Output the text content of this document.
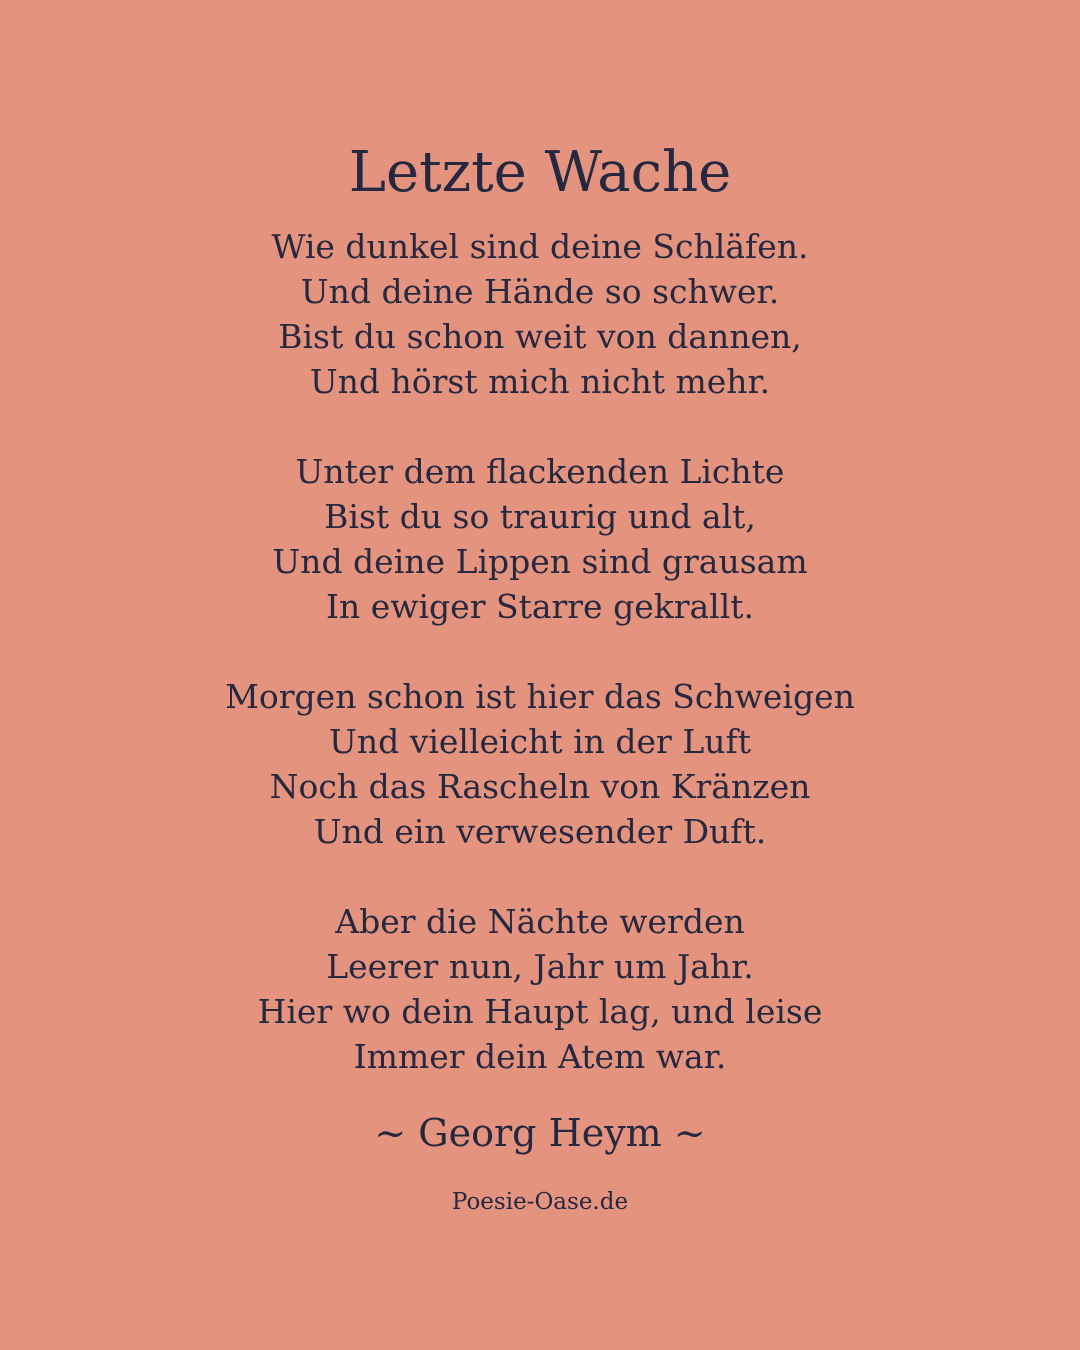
Letzte Wache
Wie dunkel sind deine Schläfen.
Und deine Hände so schwer.
Bist du schon weit von dannen,
Und hörst mich nicht mehr.
Unter dem flackenden Lichte
Bist du so traurig und alt,
Und deine Lippen sind grausam
In ewiger Starre gekrallt.
Morgen schon ist hier das Schweigen
Und vielleicht in der Luft
Noch das Rascheln von Kränzen
Und ein verwesender Duft.
Aber die Nächte werden
Leerer nun, Jahr um Jahr.
Hier wo dein Haupt lag, und leise
Immer dein Atem war.
~ Georg Heym ~
Poesie-Oase.de
